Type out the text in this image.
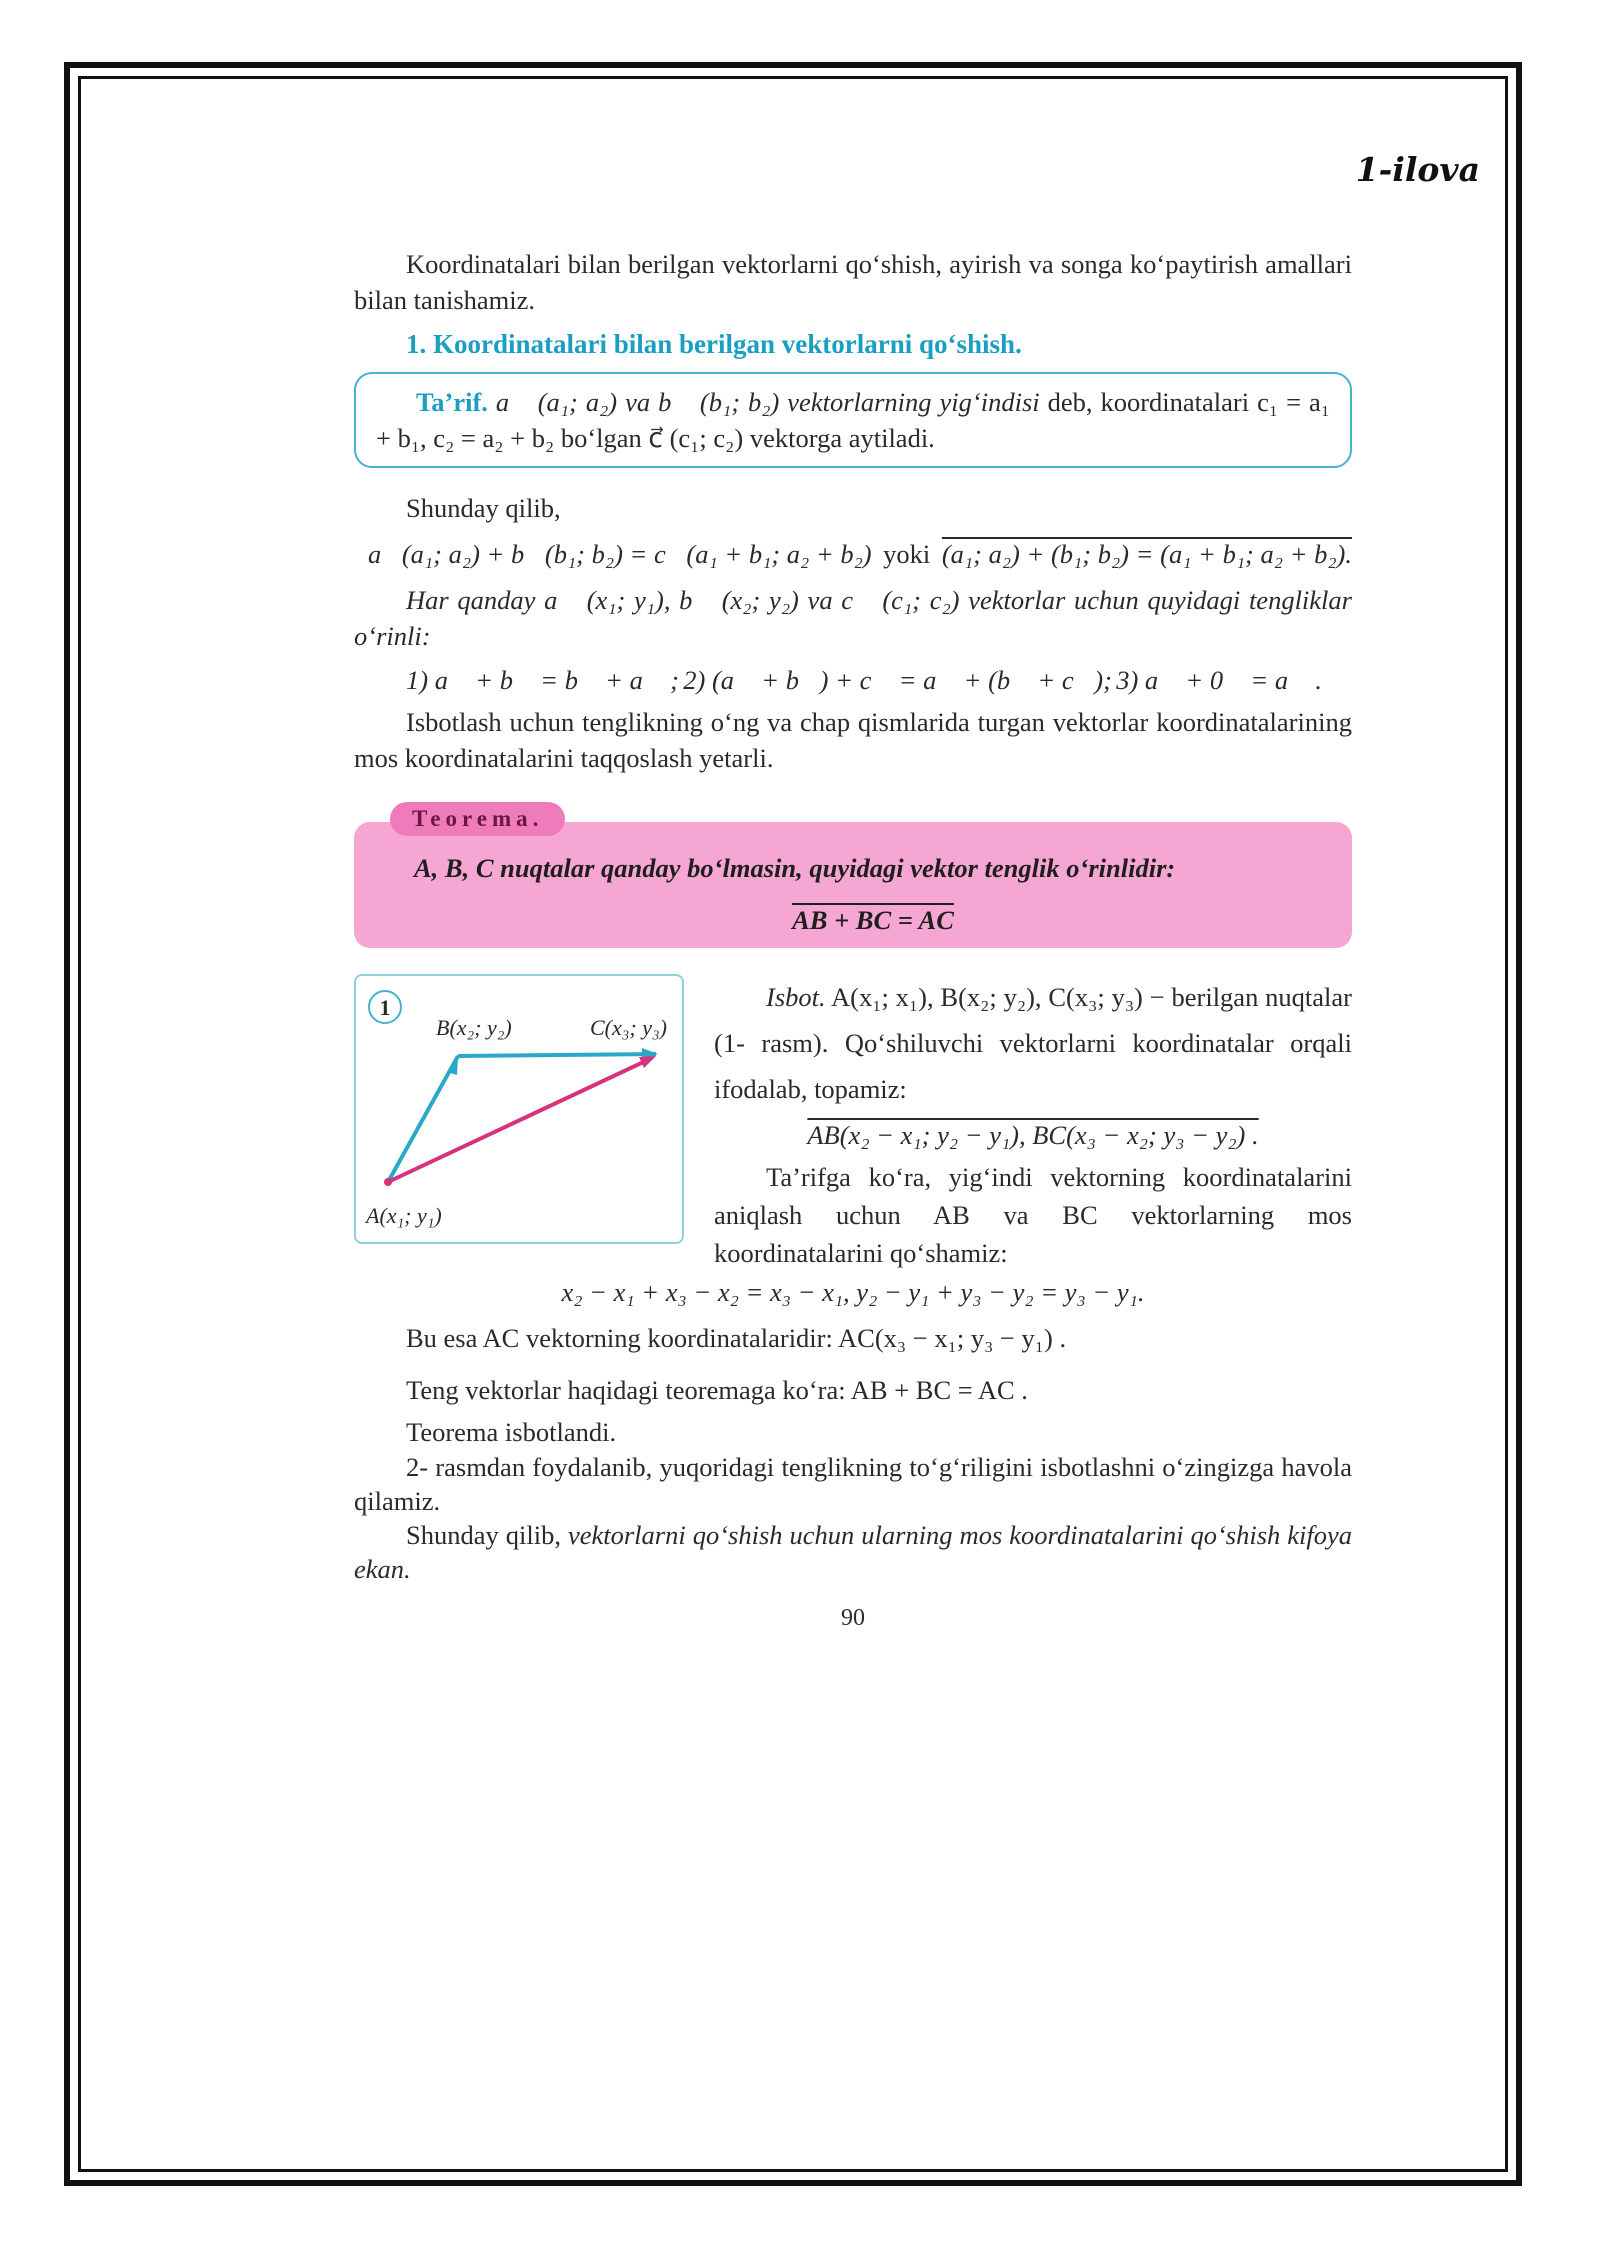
1-ilova

Koordinatalari bilan berilgan vektorlarni qo‘shish, ayirish va songa ko‘paytirish amallari bilan tanishamiz.

1. Koordinatalari bilan berilgan vektorlarni qo‘shish.

Ta’rif. a⃗ (a₁; a₂) va b⃗ (b₁; b₂) vektorlarning yig‘indisi deb, koordinatalari c₁ = a₁ + b₁, c₂ = a₂ + b₂ bo‘lgan c⃗ (c₁; c₂) vektorga aytiladi.

Shunday qilib,

a⃗(a₁; a₂) + b⃗(b₁; b₂) = c⃗(a₁ + b₁; a₂ + b₂) yoki (a₁; a₂) + (b₁; b₂) = (a₁ + b₁; a₂ + b₂).

Har qanday a⃗ (x₁; y₁), b⃗ (x₂; y₂) va c⃗ (c₁; c₂) vektorlar uchun quyidagi tengliklar o‘rinli:

1) a⃗ + b⃗ = b⃗ + a⃗ ; 2) (a⃗ + b⃗) + c⃗ = a⃗ + (b⃗ + c⃗); 3) a⃗ + 0⃗ = a⃗ .

Isbotlash uchun tenglikning o‘ng va chap qismlarida turgan vektorlar koordinatalarining mos koordinatalarini taqqoslash yetarli.

Teorema.
A, B, C nuqtalar qanday bo‘lmasin, quyidagi vektor tenglik o‘rinlidir:
AB + BC = AC
1
B(x₂; y₂)	C(x₃; y₃)
A(x₁; y₁)

Isbot. A(x₁; x₁), B(x₂; y₂), C(x₃; y₃) − berilgan nuqtalar (1- rasm). Qo‘shiluvchi vektorlarni koordinatalar orqali ifodalab, topamiz:

AB(x₂ − x₁; y₂ − y₁), BC(x₃ − x₂; y₃ − y₂) .

Ta’rifga ko‘ra, yig‘indi vektorning koordinatalarini aniqlash uchun AB va BC vektorlarning mos koordinatalarini qo‘shamiz:

x₂ − x₁ + x₃ − x₂ = x₃ − x₁, y₂ − y₁ + y₃ − y₂ = y₃ − y₁.

Bu esa AC vektorning koordinatalaridir: AC(x₃ − x₁; y₃ − y₁) .

Teng vektorlar haqidagi teoremaga ko‘ra: AB + BC = AC .

Teorema isbotlandi.

2- rasmdan foydalanib, yuqoridagi tenglikning to‘g‘riligini isbotlashni o‘zingizga havola qilamiz.

Shunday qilib, vektorlarni qo‘shish uchun ularning mos koordinatalarini qo‘shish kifoya ekan.

90
